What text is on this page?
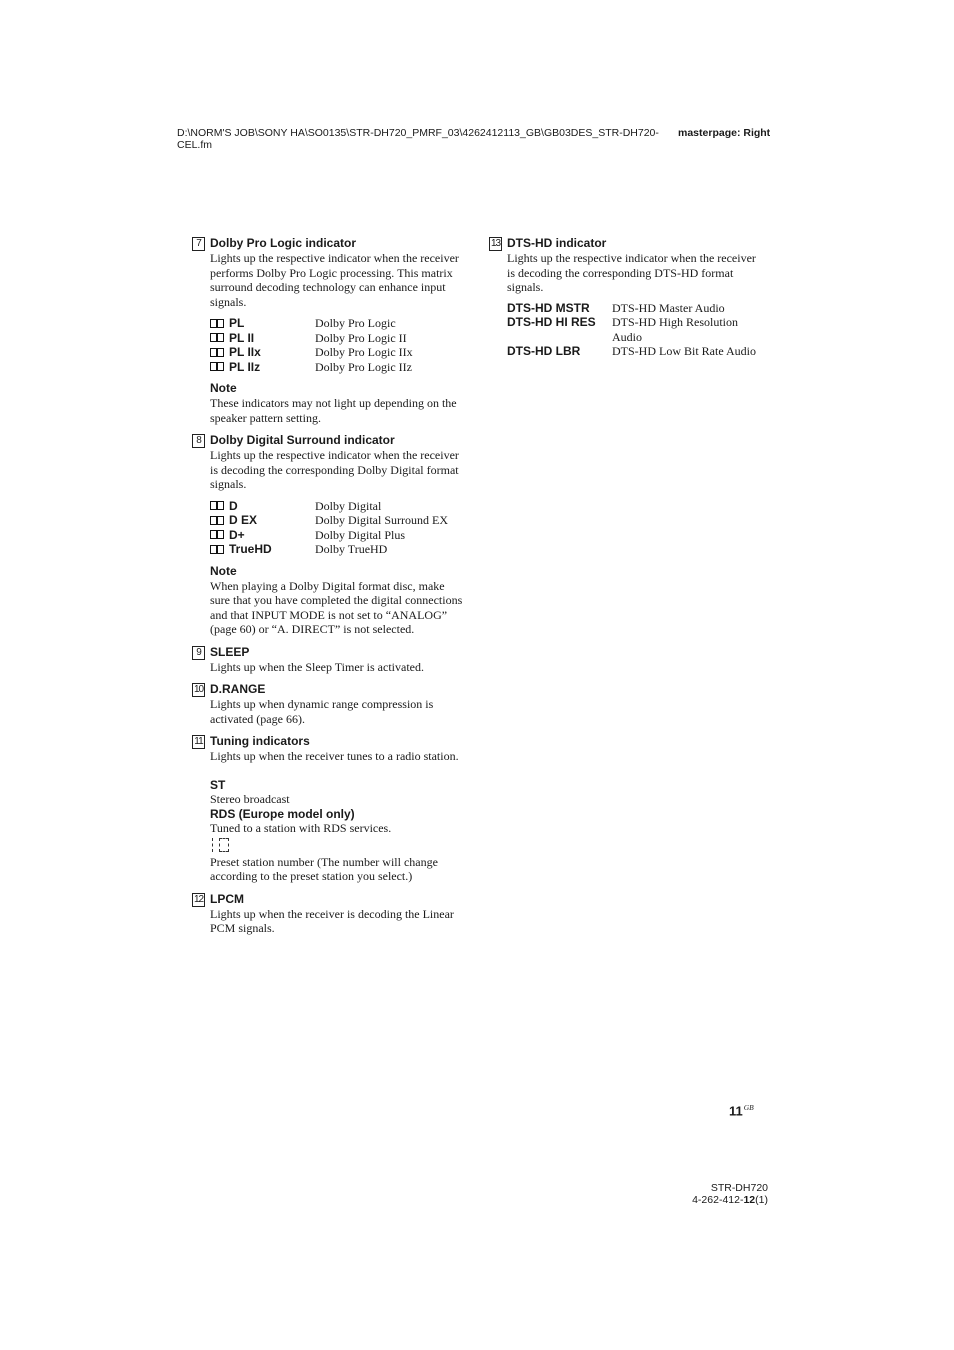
D:\NORM'S JOB\SONY HA\SO0135\STR-DH720_PMRF_03\4262412113_GB\GB03DES_STR-DH720-CEL.fm
masterpage: Right
7 Dolby Pro Logic indicator
Lights up the respective indicator when the receiver performs Dolby Pro Logic processing. This matrix surround decoding technology can enhance input signals.
PL	Dolby Pro Logic
PL II	Dolby Pro Logic II
PL IIx	Dolby Pro Logic IIx
PL IIz	Dolby Pro Logic IIz
Note
These indicators may not light up depending on the speaker pattern setting.
8 Dolby Digital Surround indicator
Lights up the respective indicator when the receiver is decoding the corresponding Dolby Digital format signals.
D	Dolby Digital
D EX	Dolby Digital Surround EX
D+	Dolby Digital Plus
TrueHD	Dolby TrueHD
Note
When playing a Dolby Digital format disc, make sure that you have completed the digital connections and that INPUT MODE is not set to “ANALOG” (page 60) or “A. DIRECT” is not selected.
9 SLEEP
Lights up when the Sleep Timer is activated.
10 D.RANGE
Lights up when dynamic range compression is activated (page 66).
11 Tuning indicators
Lights up when the receiver tunes to a radio station.
ST
Stereo broadcast
RDS (Europe model only)
Tuned to a station with RDS services.
Preset station number (The number will change according to the preset station you select.)
12 LPCM
Lights up when the receiver is decoding the Linear PCM signals.
13 DTS-HD indicator
Lights up the respective indicator when the receiver is decoding the corresponding DTS-HD format signals.
DTS-HD MSTR	DTS-HD Master Audio
DTS-HD HI RES	DTS-HD High Resolution Audio
DTS-HD LBR	DTS-HD Low Bit Rate Audio
$11^{GB}$
STR-DH720
4-262-412-12(1)
